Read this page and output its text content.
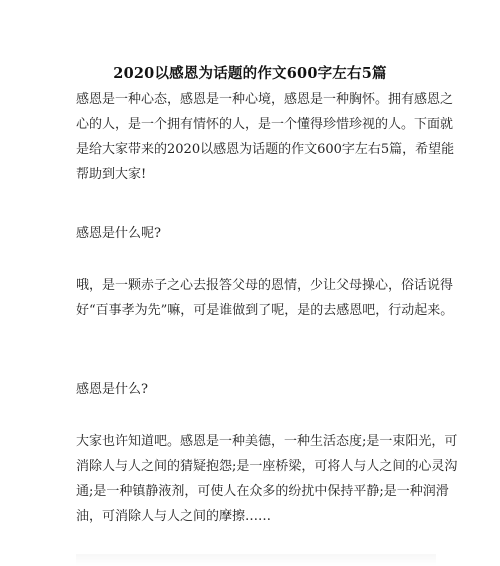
2020以感恩为话题的作文600字左右5篇
感恩是一种心态，感恩是一种心境，感恩是一种胸怀。拥有感恩之
心的人，是一个拥有情怀的人，是一个懂得珍惜珍视的人。下面就
是给大家带来的2020以感恩为话题的作文600字左右5篇，希望能
帮助到大家!
感恩是什么呢?
哦，是一颗赤子之心去报答父母的恩情，少让父母操心，俗话说得
好“百事孝为先”嘛，可是谁做到了呢，是的去感恩吧，行动起来。
感恩是什么?
大家也许知道吧。感恩是一种美德，一种生活态度;是一束阳光，可
消除人与人之间的猜疑抱怨;是一座桥梁，可将人与人之间的心灵沟
通;是一种镇静液剂，可使人在众多的纷扰中保持平静;是一种润滑
油，可消除人与人之间的摩擦……
